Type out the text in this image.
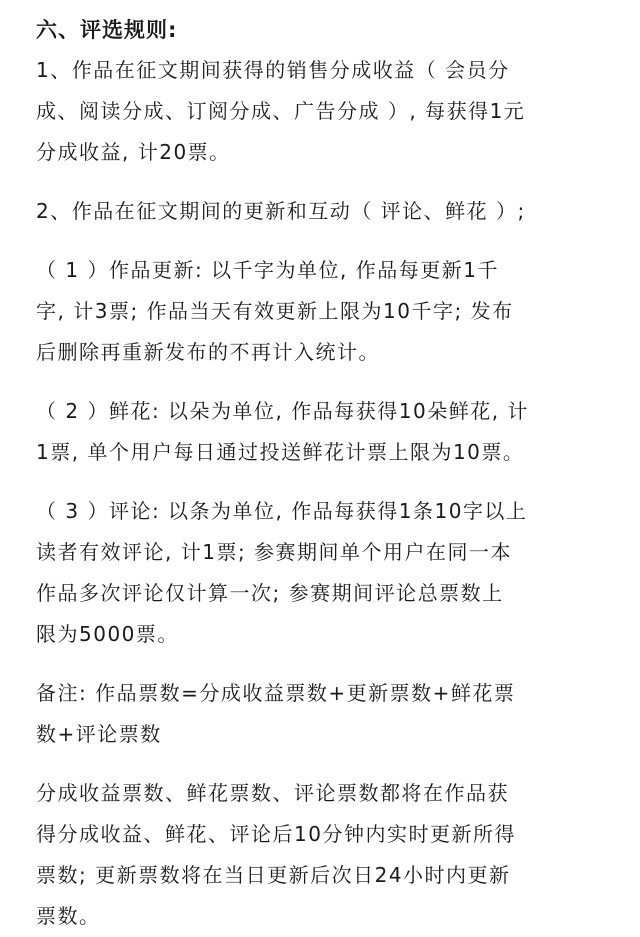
六、评选规则:

1、作品在征文期间获得的销售分成收益（ 会员分

成、阅读分成、订阅分成、广告分成 ）, 每获得1元

分成收益, 计20票。

2、作品在征文期间的更新和互动（ 评论、鲜花 ）;

（ 1 ）作品更新: 以千字为单位, 作品每更新1千

字, 计3票; 作品当天有效更新上限为10千字; 发布

后删除再重新发布的不再计入统计。

（ 2 ）鲜花: 以朵为单位, 作品每获得10朵鲜花, 计

1票, 单个用户每日通过投送鲜花计票上限为10票。

（ 3 ）评论: 以条为单位, 作品每获得1条10字以上

读者有效评论, 计1票; 参赛期间单个用户在同一本

作品多次评论仅计算一次; 参赛期间评论总票数上

限为5000票。

备注: 作品票数=分成收益票数+更新票数+鲜花票

数+评论票数

分成收益票数、鲜花票数、评论票数都将在作品获

得分成收益、鲜花、评论后10分钟内实时更新所得

票数; 更新票数将在当日更新后次日24小时内更新

票数。
